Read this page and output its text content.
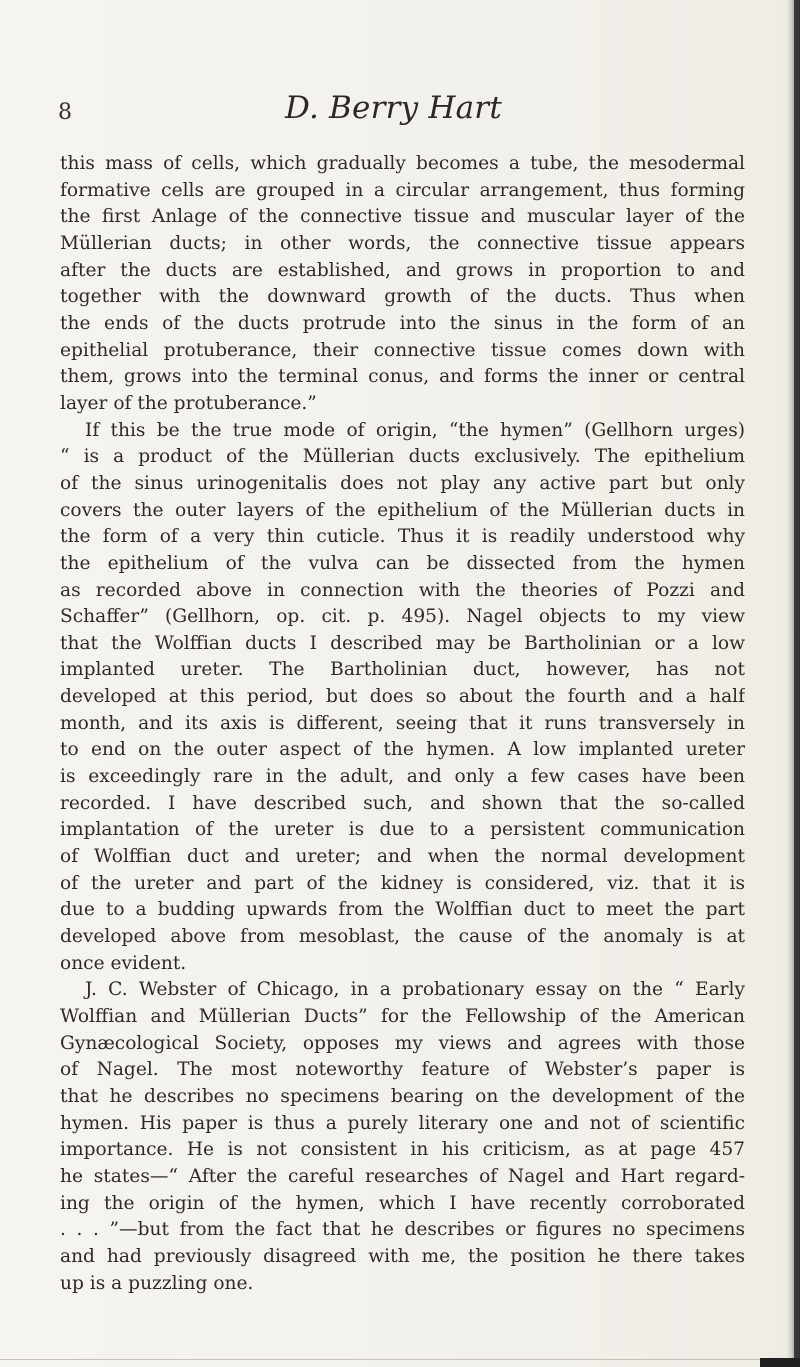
8	D. Berry Hart
this mass of cells, which gradually becomes a tube, the mesodermal
formative cells are grouped in a circular arrangement, thus forming
the first Anlage of the connective tissue and muscular layer of the
Müllerian ducts; in other words, the connective tissue appears
after the ducts are established, and grows in proportion to and
together with the downward growth of the ducts. Thus when
the ends of the ducts protrude into the sinus in the form of an
epithelial protuberance, their connective tissue comes down with
them, grows into the terminal conus, and forms the inner or central
layer of the protuberance.”
If this be the true mode of origin, “the hymen” (Gellhorn urges)
“ is a product of the Müllerian ducts exclusively. The epithelium
of the sinus urinogenitalis does not play any active part but only
covers the outer layers of the epithelium of the Müllerian ducts in
the form of a very thin cuticle. Thus it is readily understood why
the epithelium of the vulva can be dissected from the hymen
as recorded above in connection with the theories of Pozzi and
Schaffer” (Gellhorn, op. cit. p. 495). Nagel objects to my view
that the Wolffian ducts I described may be Bartholinian or a low
implanted ureter. The Bartholinian duct, however, has not
developed at this period, but does so about the fourth and a half
month, and its axis is different, seeing that it runs transversely in
to end on the outer aspect of the hymen. A low implanted ureter
is exceedingly rare in the adult, and only a few cases have been
recorded. I have described such, and shown that the so-called
implantation of the ureter is due to a persistent communication
of Wolffian duct and ureter; and when the normal development
of the ureter and part of the kidney is considered, viz. that it is
due to a budding upwards from the Wolffian duct to meet the part
developed above from mesoblast, the cause of the anomaly is at
once evident.
J. C. Webster of Chicago, in a probationary essay on the “ Early
Wolffian and Müllerian Ducts” for the Fellowship of the American
Gynæcological Society, opposes my views and agrees with those
of Nagel. The most noteworthy feature of Webster’s paper is
that he describes no specimens bearing on the development of the
hymen. His paper is thus a purely literary one and not of scientific
importance. He is not consistent in his criticism, as at page 457
he states—“ After the careful researches of Nagel and Hart regard-
ing the origin of the hymen, which I have recently corroborated
. . . ”—but from the fact that he describes or figures no specimens
and had previously disagreed with me, the position he there takes
up is a puzzling one.
